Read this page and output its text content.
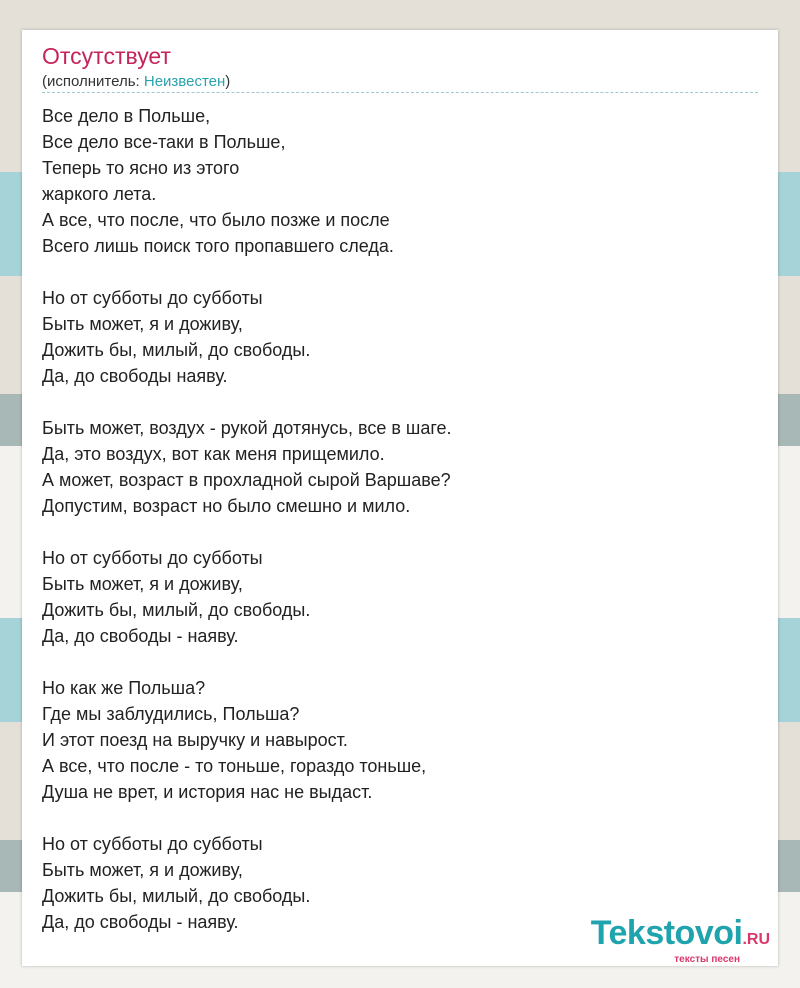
Отсутствует
(исполнитель: Неизвестен)
Все дело в Польше,
Все дело все-таки в Польше,
Теперь то ясно из этого
жаркого лета.
А все, что после, что было позже и после
Всего лишь поиск того пропавшего следа.
Но от субботы до субботы
Быть может, я и доживу,
Дожить бы, милый, до свободы.
Да, до свободы наяву.
Быть может, воздух - рукой дотянусь, все в шаге.
Да, это воздух, вот как меня прищемило.
А может, возраст в прохладной сырой Варшаве?
Допустим, возраст но было смешно и мило.
Но от субботы до субботы
Быть может, я и доживу,
Дожить бы, милый, до свободы.
Да, до свободы - наяву.
Но как же Польша?
Где мы заблудились, Польша?
И этот поезд на выручку и навырост.
А все, что после - то тоньше, гораздо тоньше,
Душа не врет, и история нас не выдаст.
Но от субботы до субботы
Быть может, я и доживу,
Дожить бы, милый, до свободы.
Да, до свободы - наяву.	Tekstovoi.RU
тексты песен
